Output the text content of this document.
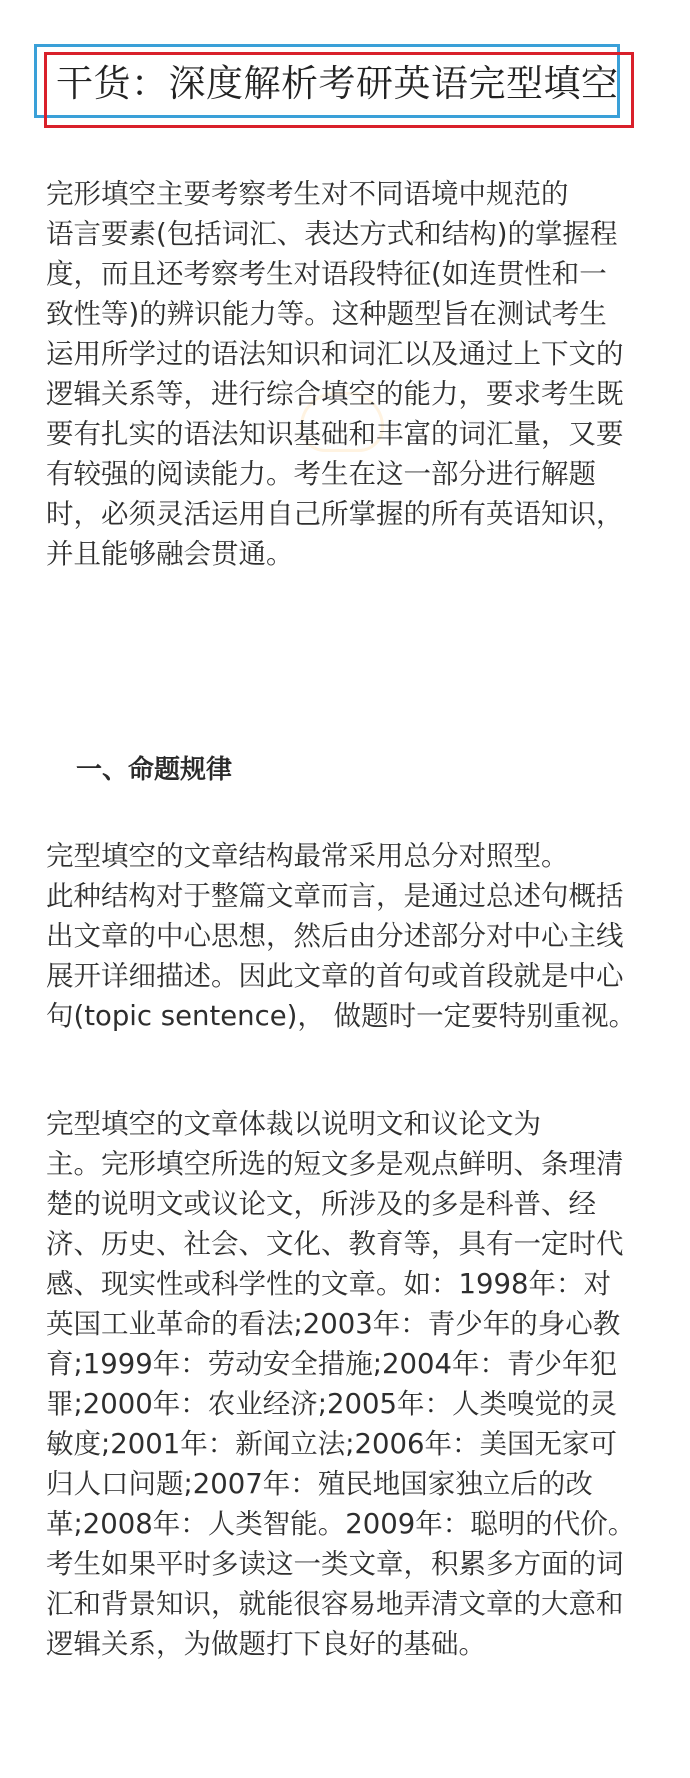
干货：深度解析考研英语完型填空

完形填空主要考察考生对不同语境中规范的
语言要素(包括词汇、表达方式和结构)的掌握程
度，而且还考察考生对语段特征(如连贯性和一
致性等)的辨识能力等。这种题型旨在测试考生
运用所学过的语法知识和词汇以及通过上下文的
逻辑关系等，进行综合填空的能力，要求考生既
要有扎实的语法知识基础和丰富的词汇量，又要
有较强的阅读能力。考生在这一部分进行解题
时，必须灵活运用自己所掌握的所有英语知识，
并且能够融会贯通。

一、命题规律

完型填空的文章结构最常采用总分对照型。
此种结构对于整篇文章而言，是通过总述句概括
出文章的中心思想，然后由分述部分对中心主线
展开详细描述。因此文章的首句或首段就是中心
句(topic sentence)， 做题时一定要特别重视。

完型填空的文章体裁以说明文和议论文为
主。完形填空所选的短文多是观点鲜明、条理清
楚的说明文或议论文，所涉及的多是科普、经
济、历史、社会、文化、教育等，具有一定时代
感、现实性或科学性的文章。如：1998年：对
英国工业革命的看法;2003年：青少年的身心教
育;1999年：劳动安全措施;2004年：青少年犯
罪;2000年：农业经济;2005年：人类嗅觉的灵
敏度;2001年：新闻立法;2006年：美国无家可
归人口问题;2007年：殖民地国家独立后的改
革;2008年：人类智能。2009年：聪明的代价。
考生如果平时多读这一类文章，积累多方面的词
汇和背景知识，就能很容易地弄清文章的大意和
逻辑关系，为做题打下良好的基础。
